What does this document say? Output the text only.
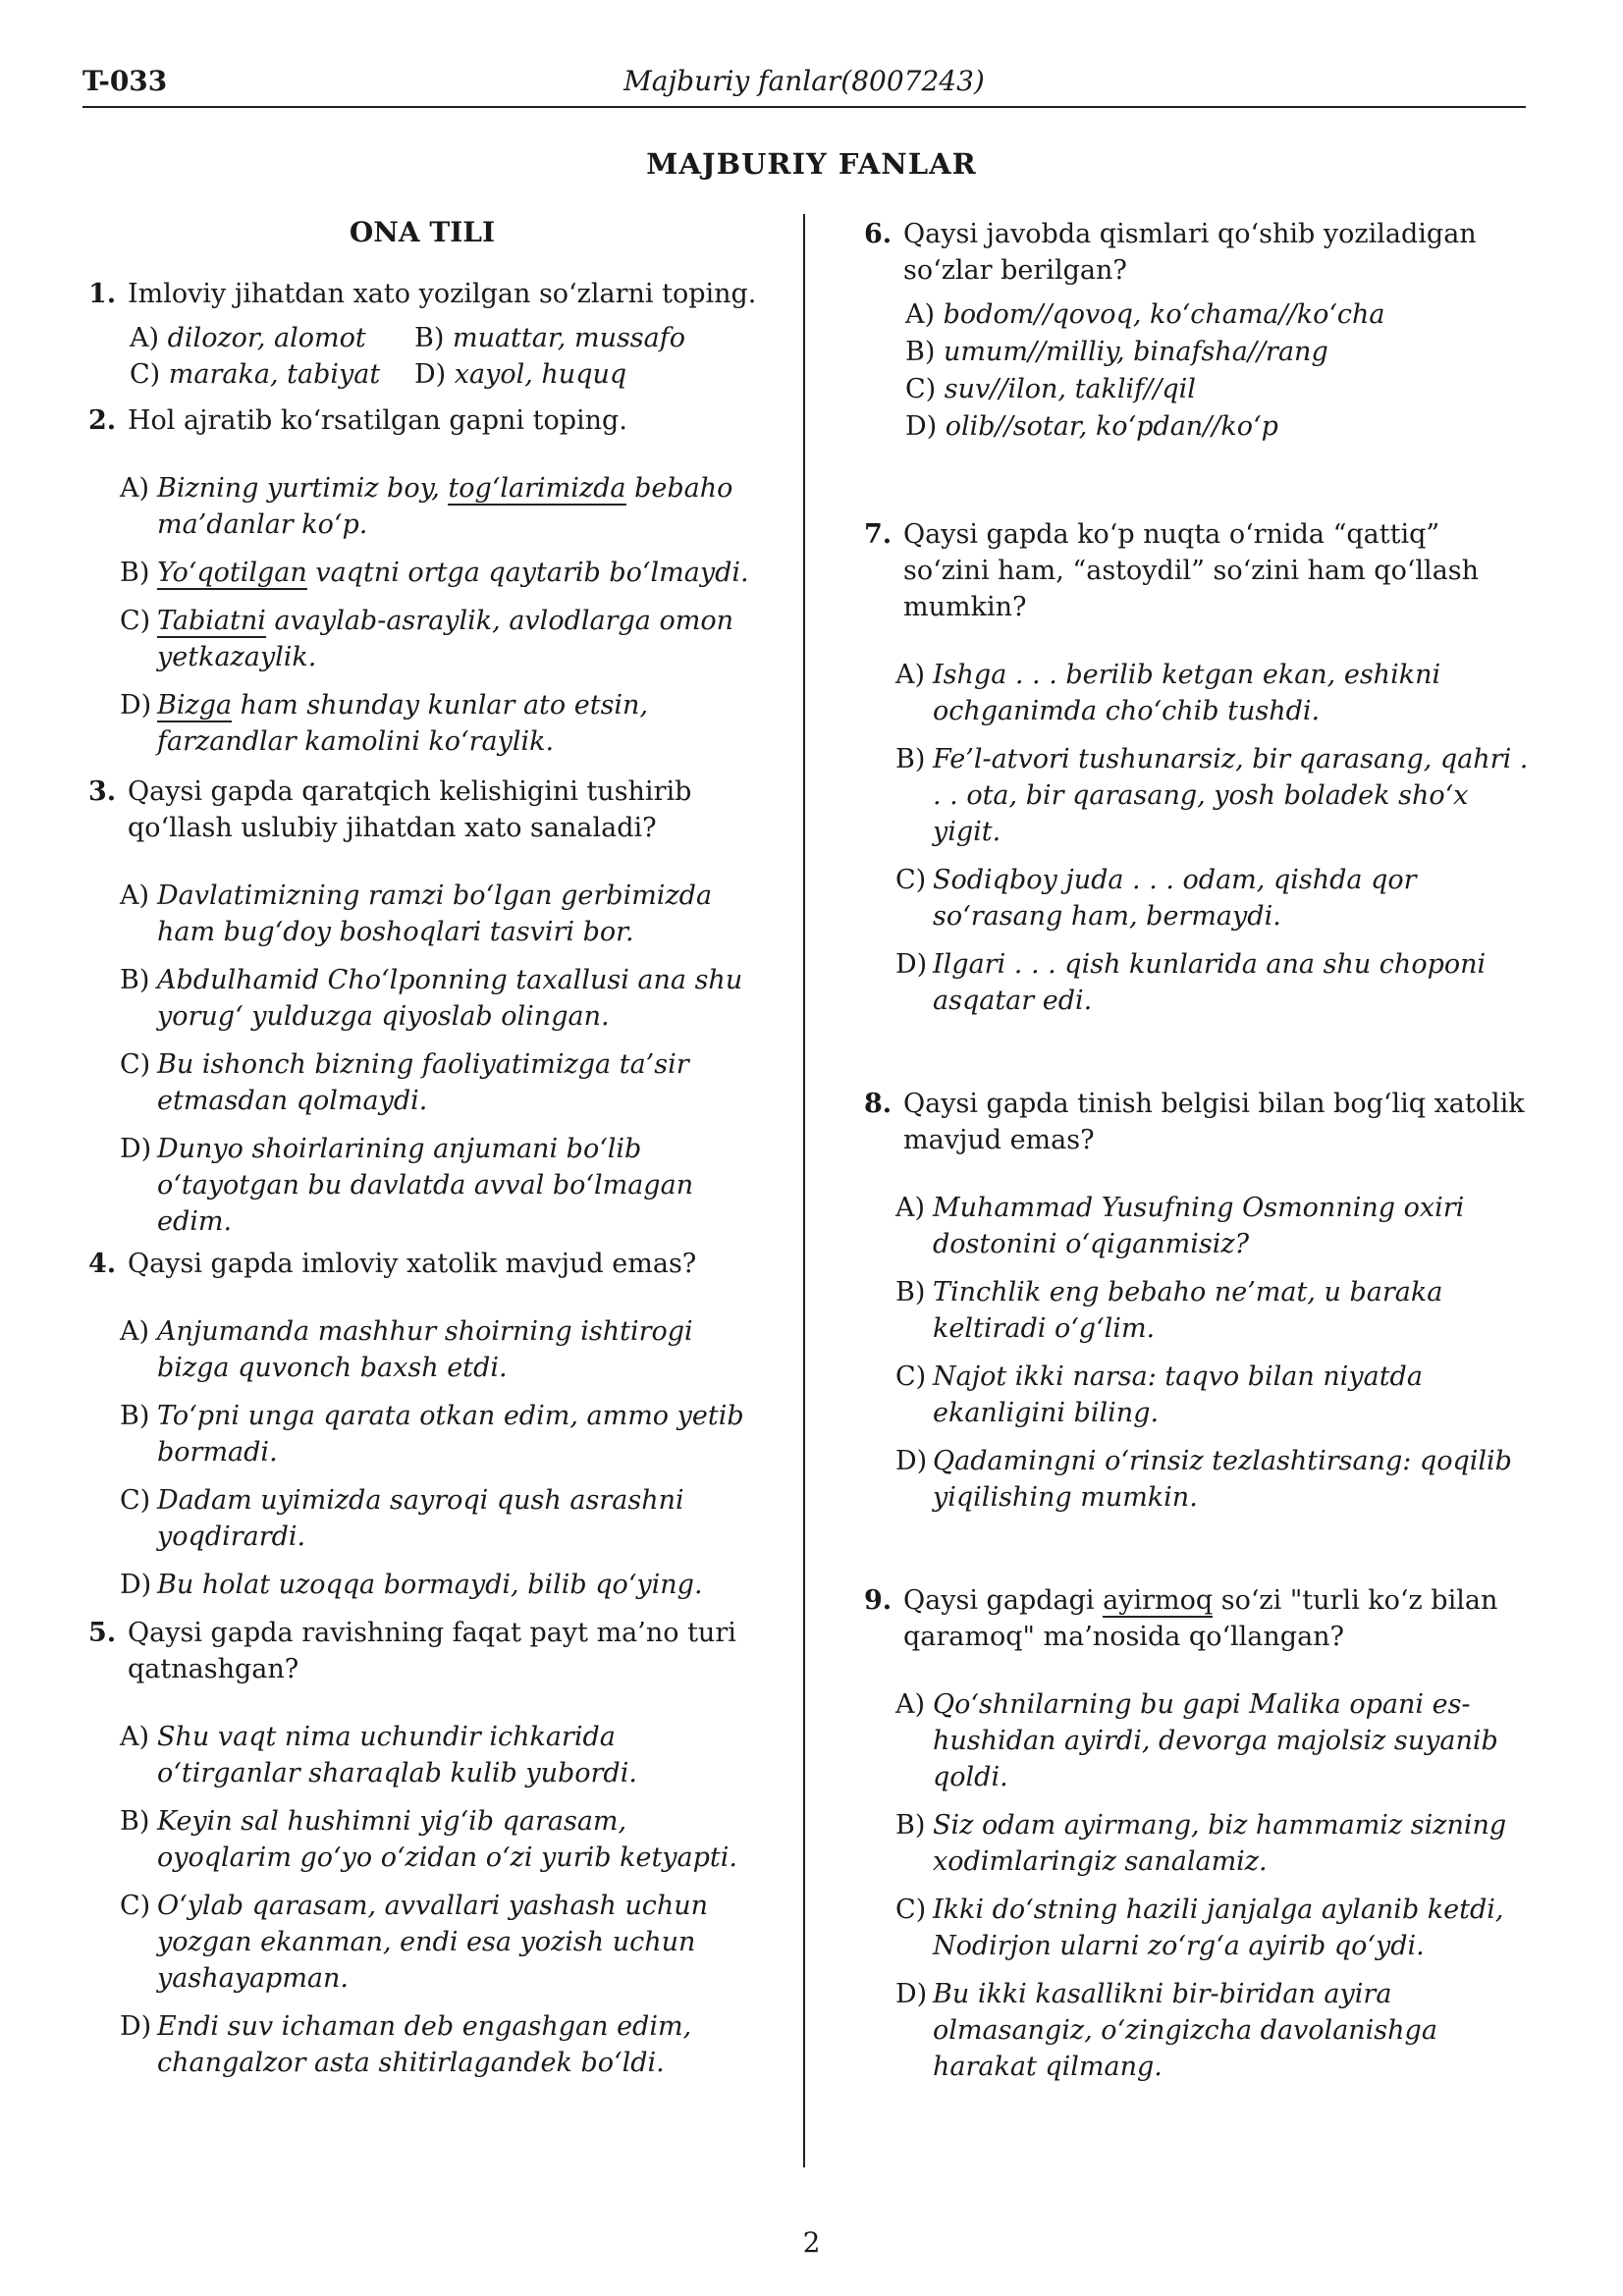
T-033	Majburiy fanlar(8007243)
MAJBURIY FANLAR
ONA TILI
1. Imloviy jihatdan xato yozilgan so‘zlarni toping.
A) dilozor, alomot	B) muattar, mussafo
C) maraka, tabiyat	D) xayol, huquq
2. Hol ajratib ko‘rsatilgan gapni toping.
A) Bizning yurtimiz boy, tog‘larimizda bebaho ma’danlar ko‘p.
B) Yo‘qotilgan vaqtni ortga qaytarib bo‘lmaydi.
C) Tabiatni avaylab-asraylik, avlodlarga omon yetkazaylik.
D) Bizga ham shunday kunlar ato etsin, farzandlar kamolini ko‘raylik.
3. Qaysi gapda qaratqich kelishigini tushirib qo‘llash uslubiy jihatdan xato sanaladi?
A) Davlatimizning ramzi bo‘lgan gerbimizda ham bug‘doy boshoqlari tasviri bor.
B) Abdulhamid Cho‘lponning taxallusi ana shu yorug‘ yulduzga qiyoslab olingan.
C) Bu ishonch bizning faoliyatimizga ta’sir etmasdan qolmaydi.
D) Dunyo shoirlarining anjumani bo‘lib o‘tayotgan bu davlatda avval bo‘lmagan edim.
4. Qaysi gapda imloviy xatolik mavjud emas?
A) Anjumanda mashhur shoirning ishtirogi bizga quvonch baxsh etdi.
B) To‘pni unga qarata otkan edim, ammo yetib bormadi.
C) Dadam uyimizda sayroqi qush asrashni yoqdirardi.
D) Bu holat uzoqqa bormaydi, bilib qo‘ying.
5. Qaysi gapda ravishning faqat payt ma’no turi qatnashgan?
A) Shu vaqt nima uchundir ichkarida o‘tirganlar sharaqlab kulib yubordi.
B) Keyin sal hushimni yig‘ib qarasam, oyoqlarim go‘yo o‘zidan o‘zi yurib ketyapti.
C) O‘ylab qarasam, avvallari yashash uchun yozgan ekanman, endi esa yozish uchun yashayapman.
D) Endi suv ichaman deb engashgan edim, changalzor asta shitirlagandek bo‘ldi.
6. Qaysi javobda qismlari qo‘shib yoziladigan so‘zlar berilgan?
A) bodom//qovoq, ko‘chama//ko‘cha
B) umum//milliy, binafsha//rang
C) suv//ilon, taklif//qil
D) olib//sotar, ko‘pdan//ko‘p
7. Qaysi gapda ko‘p nuqta o‘rnida “qattiq” so‘zini ham, “astoydil” so‘zini ham qo‘llash mumkin?
A) Ishga . . . berilib ketgan ekan, eshikni ochganimda cho‘chib tushdi.
B) Fe’l-atvori tushunarsiz, bir qarasang, qahri . . . ota, bir qarasang, yosh boladek sho‘x yigit.
C) Sodiqboy juda . . . odam, qishda qor so‘rasang ham, bermaydi.
D) Ilgari . . . qish kunlarida ana shu choponi asqatar edi.
8. Qaysi gapda tinish belgisi bilan bog‘liq xatolik mavjud emas?
A) Muhammad Yusufning Osmonning oxiri dostonini o‘qiganmisiz?
B) Tinchlik eng bebaho ne’mat, u baraka keltiradi o‘g‘lim.
C) Najot ikki narsa: taqvo bilan niyatda ekanligini biling.
D) Qadamingni o‘rinsiz tezlashtirsang: qoqilib yiqilishing mumkin.
9. Qaysi gapdagi ayirmoq so‘zi "turli ko‘z bilan qaramoq" ma’nosida qo‘llangan?
A) Qo‘shnilarning bu gapi Malika opani es-hushidan ayirdi, devorga majolsiz suyanib qoldi.
B) Siz odam ayirmang, biz hammamiz sizning xodimlaringiz sanalamiz.
C) Ikki do‘stning hazili janjalga aylanib ketdi, Nodirjon ularni zo‘rg‘a ayirib qo‘ydi.
D) Bu ikki kasallikni bir-biridan ayira olmasangiz, o‘zingizcha davolanishga harakat qilmang.
2
